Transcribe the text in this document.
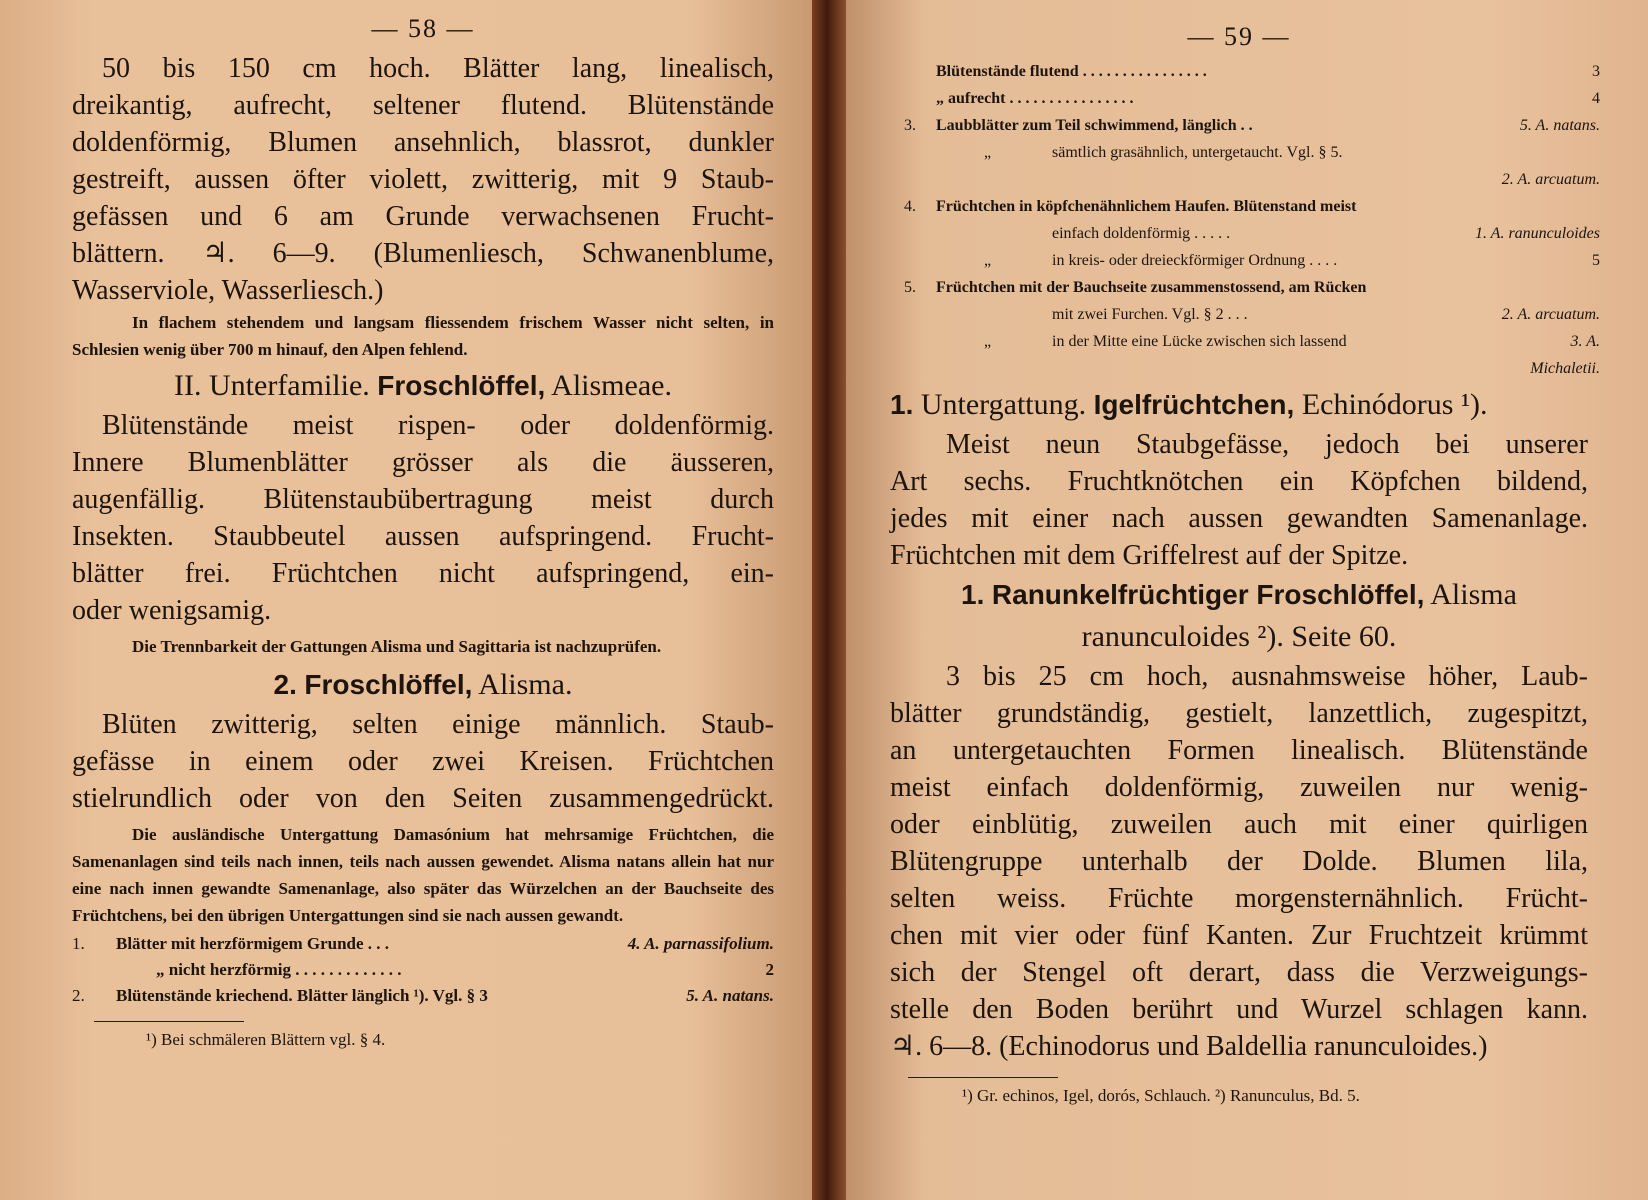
— 58 —
50 bis 150 cm hoch. Blätter lang, linealisch,
dreikantig, aufrecht, seltener flutend. Blütenstände
doldenförmig, Blumen ansehnlich, blassrot, dunkler
gestreift, aussen öfter violett, zwitterig, mit 9 Staub-
gefässen und 6 am Grunde verwachsenen Frucht-
blättern. ♃. 6—9. (Blumenliesch, Schwanenblume,
Wasserviole, Wasserliesch.)
In flachem stehendem und langsam fliessendem frischem Wasser nicht selten, in Schlesien wenig über 700 m hinauf, den Alpen fehlend.
II. Unterfamilie. Froschlöffel, Alismeae.
Blütenstände meist rispen- oder doldenförmig.
Innere Blumenblätter grösser als die äusseren,
augenfällig. Blütenstaubübertragung meist durch
Insekten. Staubbeutel aussen aufspringend. Frucht-
blätter frei. Früchtchen nicht aufspringend, ein-
oder wenigsamig.
Die Trennbarkeit der Gattungen Alisma und Sagittaria ist nachzuprüfen.
2. Froschlöffel, Alisma.
Blüten zwitterig, selten einige männlich. Staub-
gefässe in einem oder zwei Kreisen. Früchtchen
stielrundlich oder von den Seiten zusammengedrückt.
Die ausländische Untergattung Damasónium hat mehrsamige Früchtchen, die Samenanlagen sind teils nach innen, teils nach aussen gewendet. Alisma natans allein hat nur eine nach innen gewandte Samenanlage, also später das Würzelchen an der Bauchseite des Früchtchens, bei den übrigen Untergattungen sind sie nach aussen gewandt.
1. Blätter mit herzförmigem Grunde . . .	4. A. parnassifolium.
„ nicht herzförmig . . . . . . . . . . . . .	2
2. Blütenstände kriechend. Blätter länglich ¹). Vgl. § 3	5. A. natans.
¹) Bei schmäleren Blättern vgl. § 4.
— 59 —
Blütenstände flutend . . . . . . . . . . . . . . . .	3
„ aufrecht . . . . . . . . . . . . . . . .	4
3. Laubblätter zum Teil schwimmend, länglich . .	5. A. natans.
„	sämtlich grasähnlich, untergetaucht. Vgl. § 5.

2. A. arcuatum.
4. Früchtchen in köpfchenähnlichem Haufen. Blütenstand meist
einfach doldenförmig . . . . .	1. A. ranunculoides
„	in kreis- oder dreieckförmiger Ordnung . . . .	5
5. Früchtchen mit der Bauchseite zusammenstossend, am Rücken
mit zwei Furchen. Vgl. § 2 . . .	2. A. arcuatum.
„	in der Mitte eine Lücke zwischen sich lassend	3. A.

Michaletii.
1. Untergattung. Igelfrüchtchen, Echinódorus ¹).
Meist neun Staubgefässe, jedoch bei unserer
Art sechs. Fruchtknötchen ein Köpfchen bildend,
jedes mit einer nach aussen gewandten Samenanlage.
Früchtchen mit dem Griffelrest auf der Spitze.
1. Ranunkelfrüchtiger Froschlöffel, Alisma
ranunculoides ²). Seite 60.
3 bis 25 cm hoch, ausnahmsweise höher, Laub-
blätter grundständig, gestielt, lanzettlich, zugespitzt,
an untergetauchten Formen linealisch. Blütenstände
meist einfach doldenförmig, zuweilen nur wenig-
oder einblütig, zuweilen auch mit einer quirligen
Blütengruppe unterhalb der Dolde. Blumen lila,
selten weiss. Früchte morgensternähnlich. Frücht-
chen mit vier oder fünf Kanten. Zur Fruchtzeit krümmt
sich der Stengel oft derart, dass die Verzweigungs-
stelle den Boden berührt und Wurzel schlagen kann.
♃. 6—8. (Echinodorus und Baldellia ranunculoides.)
¹) Gr. echinos, Igel, dorós, Schlauch. ²) Ranunculus, Bd. 5.
